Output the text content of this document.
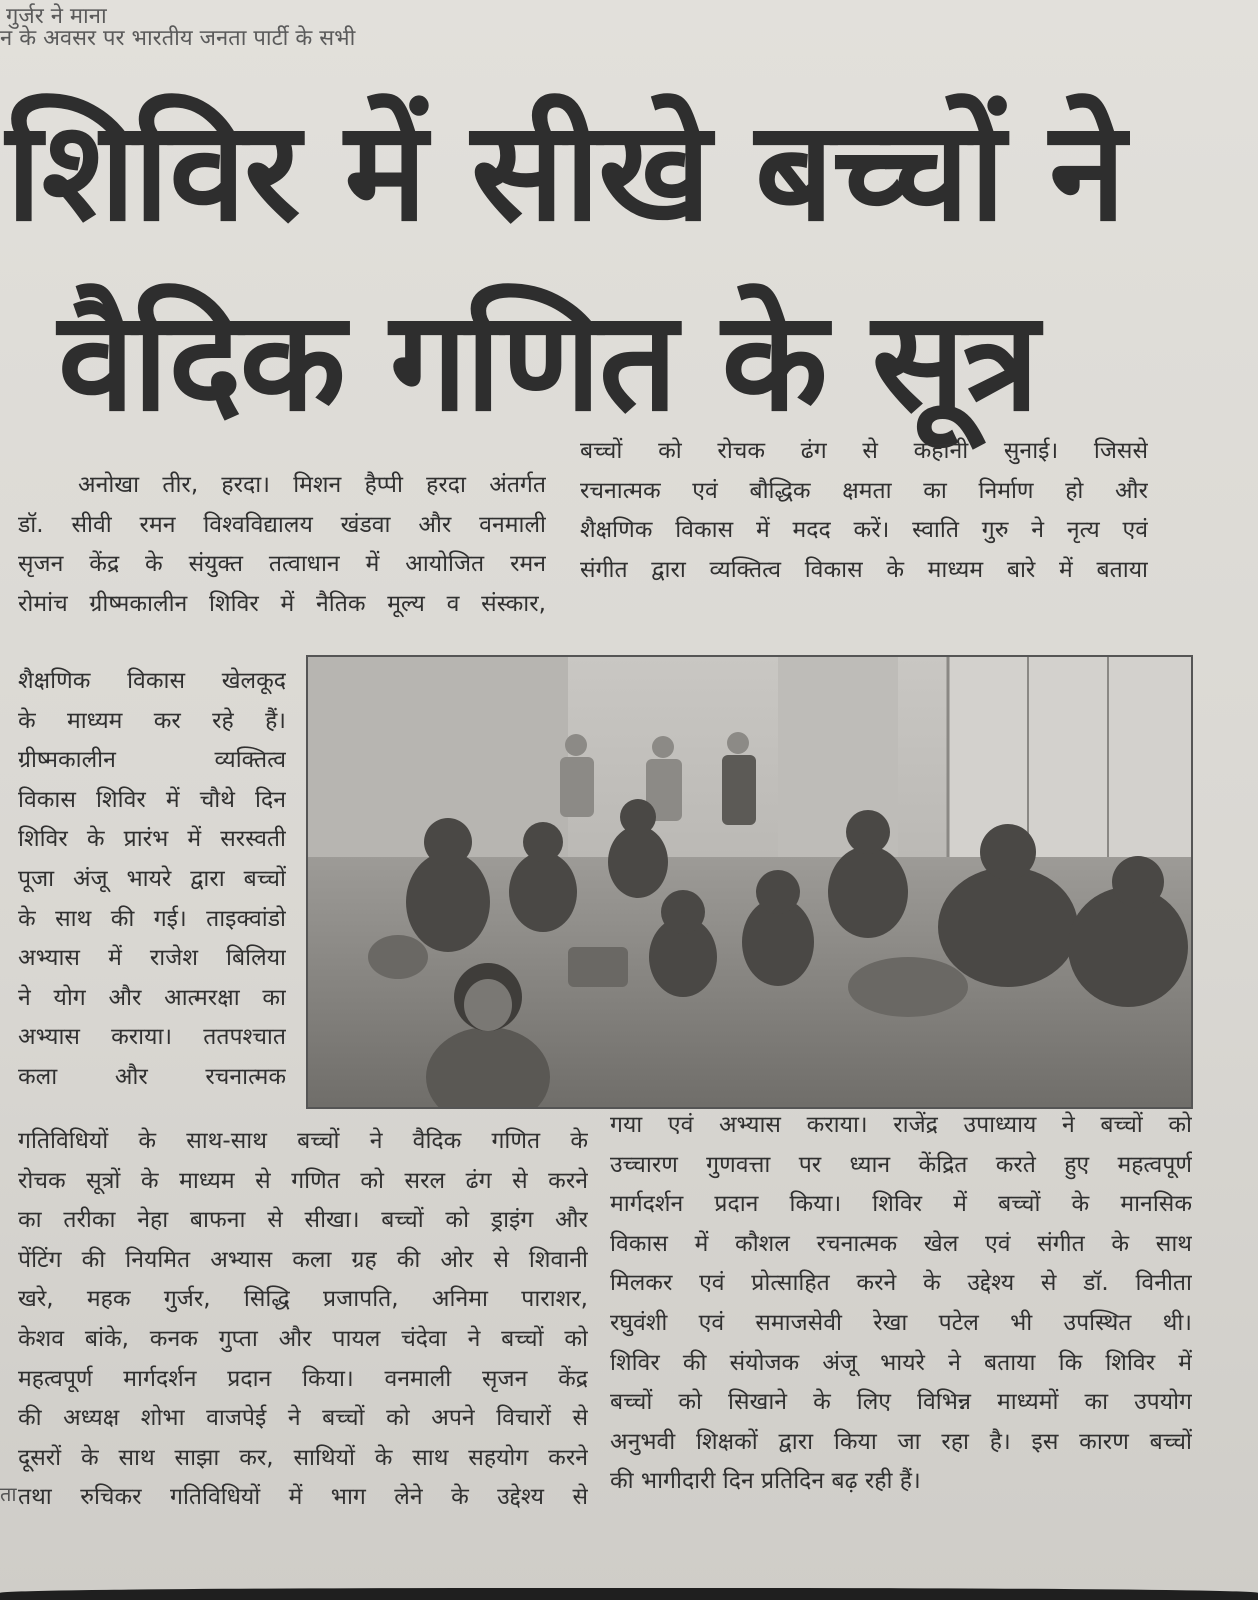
गुर्जर ने माना
न के अवसर पर भारतीय जनता पार्टी के सभी
शिविर में सीखे बच्चों ने
वैदिक गणित के सूत्र
अनोखा तीर, हरदा। मिशन हैप्पी हरदा अंतर्गत
डॉ. सीवी रमन विश्वविद्यालय खंडवा और वनमाली
सृजन केंद्र के संयुक्त तत्वाधान में आयोजित रमन
रोमांच ग्रीष्मकालीन शिविर में नैतिक मूल्य व संस्कार,
बच्चों को रोचक ढंग से कहानी सुनाई। जिससे
रचनात्मक एवं बौद्धिक क्षमता का निर्माण हो और
शैक्षणिक विकास में मदद करें। स्वाति गुरु ने नृत्य एवं
संगीत द्वारा व्यक्तित्व विकास के माध्यम बारे में बताया
शैक्षणिक विकास खेलकूद
के माध्यम कर रहे हैं।
ग्रीष्मकालीन व्यक्तित्व
विकास शिविर में चौथे दिन
शिविर के प्रारंभ में सरस्वती
पूजा अंजू भायरे द्वारा बच्चों
के साथ की गई। ताइक्वांडो
अभ्यास में राजेश बिलिया
ने योग और आत्मरक्षा का
अभ्यास कराया। ततपश्चात
कला और रचनात्मक
गतिविधियों के साथ-साथ बच्चों ने वैदिक गणित के
रोचक सूत्रों के माध्यम से गणित को सरल ढंग से करने
का तरीका नेहा बाफना से सीखा। बच्चों को ड्राइंग और
पेंटिंग की नियमित अभ्यास कला ग्रह की ओर से शिवानी
खरे, महक गुर्जर, सिद्धि प्रजापति, अनिमा पाराशर,
केशव बांके, कनक गुप्ता और पायल चंदेवा ने बच्चों को
महत्वपूर्ण मार्गदर्शन प्रदान किया। वनमाली सृजन केंद्र
की अध्यक्ष शोभा वाजपेई ने बच्चों को अपने विचारों से
दूसरों के साथ साझा कर, साथियों के साथ सहयोग करने
तथा रुचिकर गतिविधियों में भाग लेने के उद्देश्य से
गया एवं अभ्यास कराया। राजेंद्र उपाध्याय ने बच्चों को
उच्चारण गुणवत्ता पर ध्यान केंद्रित करते हुए महत्वपूर्ण
मार्गदर्शन प्रदान किया। शिविर में बच्चों के मानसिक
विकास में कौशल रचनात्मक खेल एवं संगीत के साथ
मिलकर एवं प्रोत्साहित करने के उद्देश्य से डॉ. विनीता
रघुवंशी एवं समाजसेवी रेखा पटेल भी उपस्थित थी।
शिविर की संयोजक अंजू भायरे ने बताया कि शिविर में
बच्चों को सिखाने के लिए विभिन्न माध्यमों का उपयोग
अनुभवी शिक्षकों द्वारा किया जा रहा है। इस कारण बच्चों
की भागीदारी दिन प्रतिदिन बढ़ रही हैं।
ता
